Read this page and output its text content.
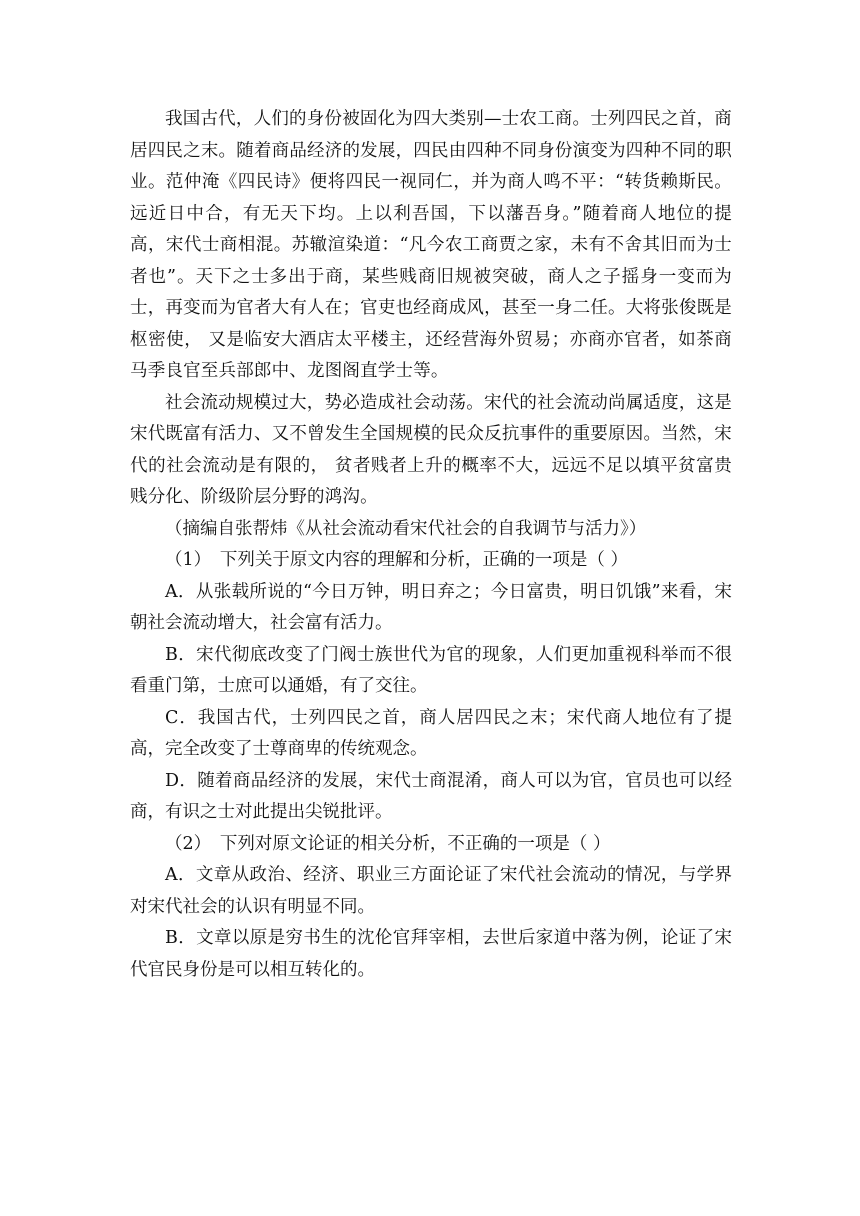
我国古代，人们的身份被固化为四大类别—士农工商。士列四民之首，商居四民之末。随着商品经济的发展，四民由四种不同身份演变为四种不同的职业。范仲淹《四民诗》便将四民一视同仁，并为商人鸣不平：“转货赖斯民。远近日中合，有无天下均。上以利吾国，下以藩吾身。”随着商人地位的提高，宋代士商相混。苏辙渲染道：“凡今农工商贾之家，未有不舍其旧而为士者也”。天下之士多出于商，某些贱商旧规被突破，商人之子摇身一变而为士，再变而为官者大有人在；官吏也经商成风，甚至一身二任。大将张俊既是枢密使， 又是临安大酒店太平楼主，还经营海外贸易；亦商亦官者，如茶商马季良官至兵部郎中、龙图阁直学士等。

社会流动规模过大，势必造成社会动荡。宋代的社会流动尚属适度，这是宋代既富有活力、又不曾发生全国规模的民众反抗事件的重要原因。当然，宋代的社会流动是有限的， 贫者贱者上升的概率不大，远远不足以填平贫富贵贱分化、阶级阶层分野的鸿沟。

（摘编自张帮炜《从社会流动看宋代社会的自我调节与活力》）

（1）　下列关于原文内容的理解和分析，正确的一项是（ ）

A．从张载所说的“今日万钟，明日弃之；今日富贵，明日饥饿”来看，宋朝社会流动增大，社会富有活力。

B．宋代彻底改变了门阀士族世代为官的现象，人们更加重视科举而不很看重门第，士庶可以通婚，有了交往。

C．我国古代，士列四民之首，商人居四民之末；宋代商人地位有了提高，完全改变了士尊商卑的传统观念。

D．随着商品经济的发展，宋代士商混淆，商人可以为官，官员也可以经商，有识之士对此提出尖锐批评。

（2）　下列对原文论证的相关分析，不正确的一项是（ ）

A．文章从政治、经济、职业三方面论证了宋代社会流动的情况，与学界对宋代社会的认识有明显不同。

B．文章以原是穷书生的沈伦官拜宰相，去世后家道中落为例，论证了宋代官民身份是可以相互转化的。
